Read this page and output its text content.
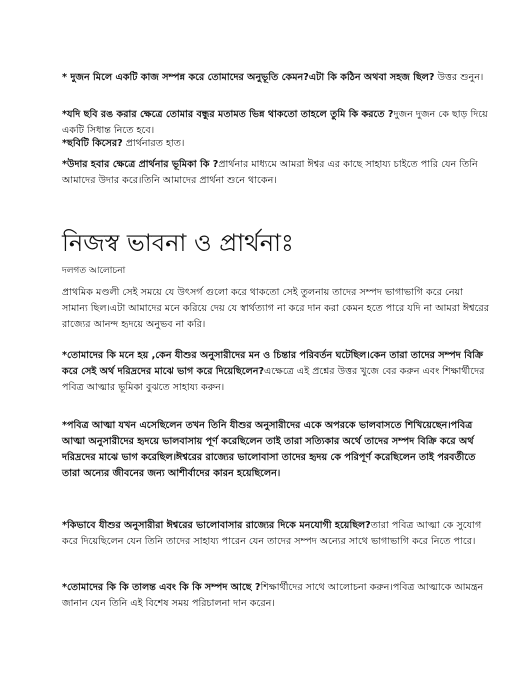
* দুজন মিলে একটি কাজ সম্পন্ন করে তোমাদের অনুভূতি কেমন?এটা কি কঠিন অথবা সহজ ছিল? উত্তর শুনুন।

*যদি ছবি রঙ করার ক্ষেত্রে তোমার বন্ধুর মতামত ভিন্ন থাকতো তাহলে তুমি কি করতে ?দুজন দুজন কে ছাড় দিয়ে একটি সিধান্ত নিতে হবে।

*ছবিটি কিসের? প্রার্থনারত হাত।

*উদার হবার ক্ষেত্রে প্রার্থনার ভূমিকা কি ?প্রার্থনার মাধ্যমে আমরা ঈশ্বর এর কাছে সাহায্য চাইতে পারি যেন তিনি আমাদের উদার করে।তিনি আমাদের প্রার্থনা শুনে থাকেন।

নিজস্ব ভাবনা ও প্রার্থনাঃ

দলগত আলোচনা

প্রাথমিক মণ্ডলী সেই সময়ে যে উৎসর্গ গুলো করে থাকতো সেই তুলনায় তাদের সম্পদ ভাগাভাগি করে নেয়া সামান্য ছিল।এটা আমাদের মনে করিয়ে দেয় যে স্বার্থত্যাগ না করে দান করা কেমন হতে পারে যদি না আমরা ঈশ্বরের রাজ্যের আনন্দ হৃদয়ে অনুভব না করি।

*তোমাদের কি মনে হয় ,কেন যীশুর অনুসারীদের মন ও চিন্তার পরিবর্তন ঘটেছিল।কেন তারা তাদের সম্পদ বিক্রি করে সেই অর্থ দরিদ্রদের মাঝে ভাগ করে দিয়েছিলেন?এক্ষেত্রে এই প্রশ্নের উত্তর খুজে বের করুন এবং শিক্ষার্থীদের পবিত্র আত্মার ভূমিকা বুঝতে সাহায্য করুন।

*পবিত্র আত্মা যখন এসেছিলেন তখন তিনি যীশুর অনুসারীদের একে অপরকে ভালবাসতে শিখিয়েছেন।পবিত্র আত্মা অনুসারীদের হৃদয়ে ভালবাসায় পূর্ণ করেছিলেন তাই তারা সত্যিকার অর্থে তাদের সম্পদ বিক্রি করে অর্থ দরিদ্রদের মাঝে ভাগ করেছিল।ঈশ্বরের রাজ্যের ভালোবাসা তাদের হৃদয় কে পরিপূর্ণ করেছিলেন তাই পরবর্তীতে তারা অন্যের জীবনের জন্য আশীর্বাদের কারন হয়েছিলেন।

*কিভাবে যীশুর অনুসারীরা ঈশ্বরের ভালোবাসার রাজ্যের দিকে মনযোগী হয়েছিল?তারা পবিত্র আত্মা কে সুযোগ করে দিয়েছিলেন যেন তিনি তাদের সাহায্য পারেন যেন তাদের সম্পদ অন্যের সাথে ভাগাভাগি করে নিতে পারে।

*তোমাদের কি কি তালন্ত এবং কি কি সম্পদ আছে ?শিক্ষার্থীদের সাথে আলোচনা করুন।পবিত্র আত্মাকে আমন্ত্রন জানান যেন তিনি এই বিশেষ সময় পরিচালনা দান করেন।
